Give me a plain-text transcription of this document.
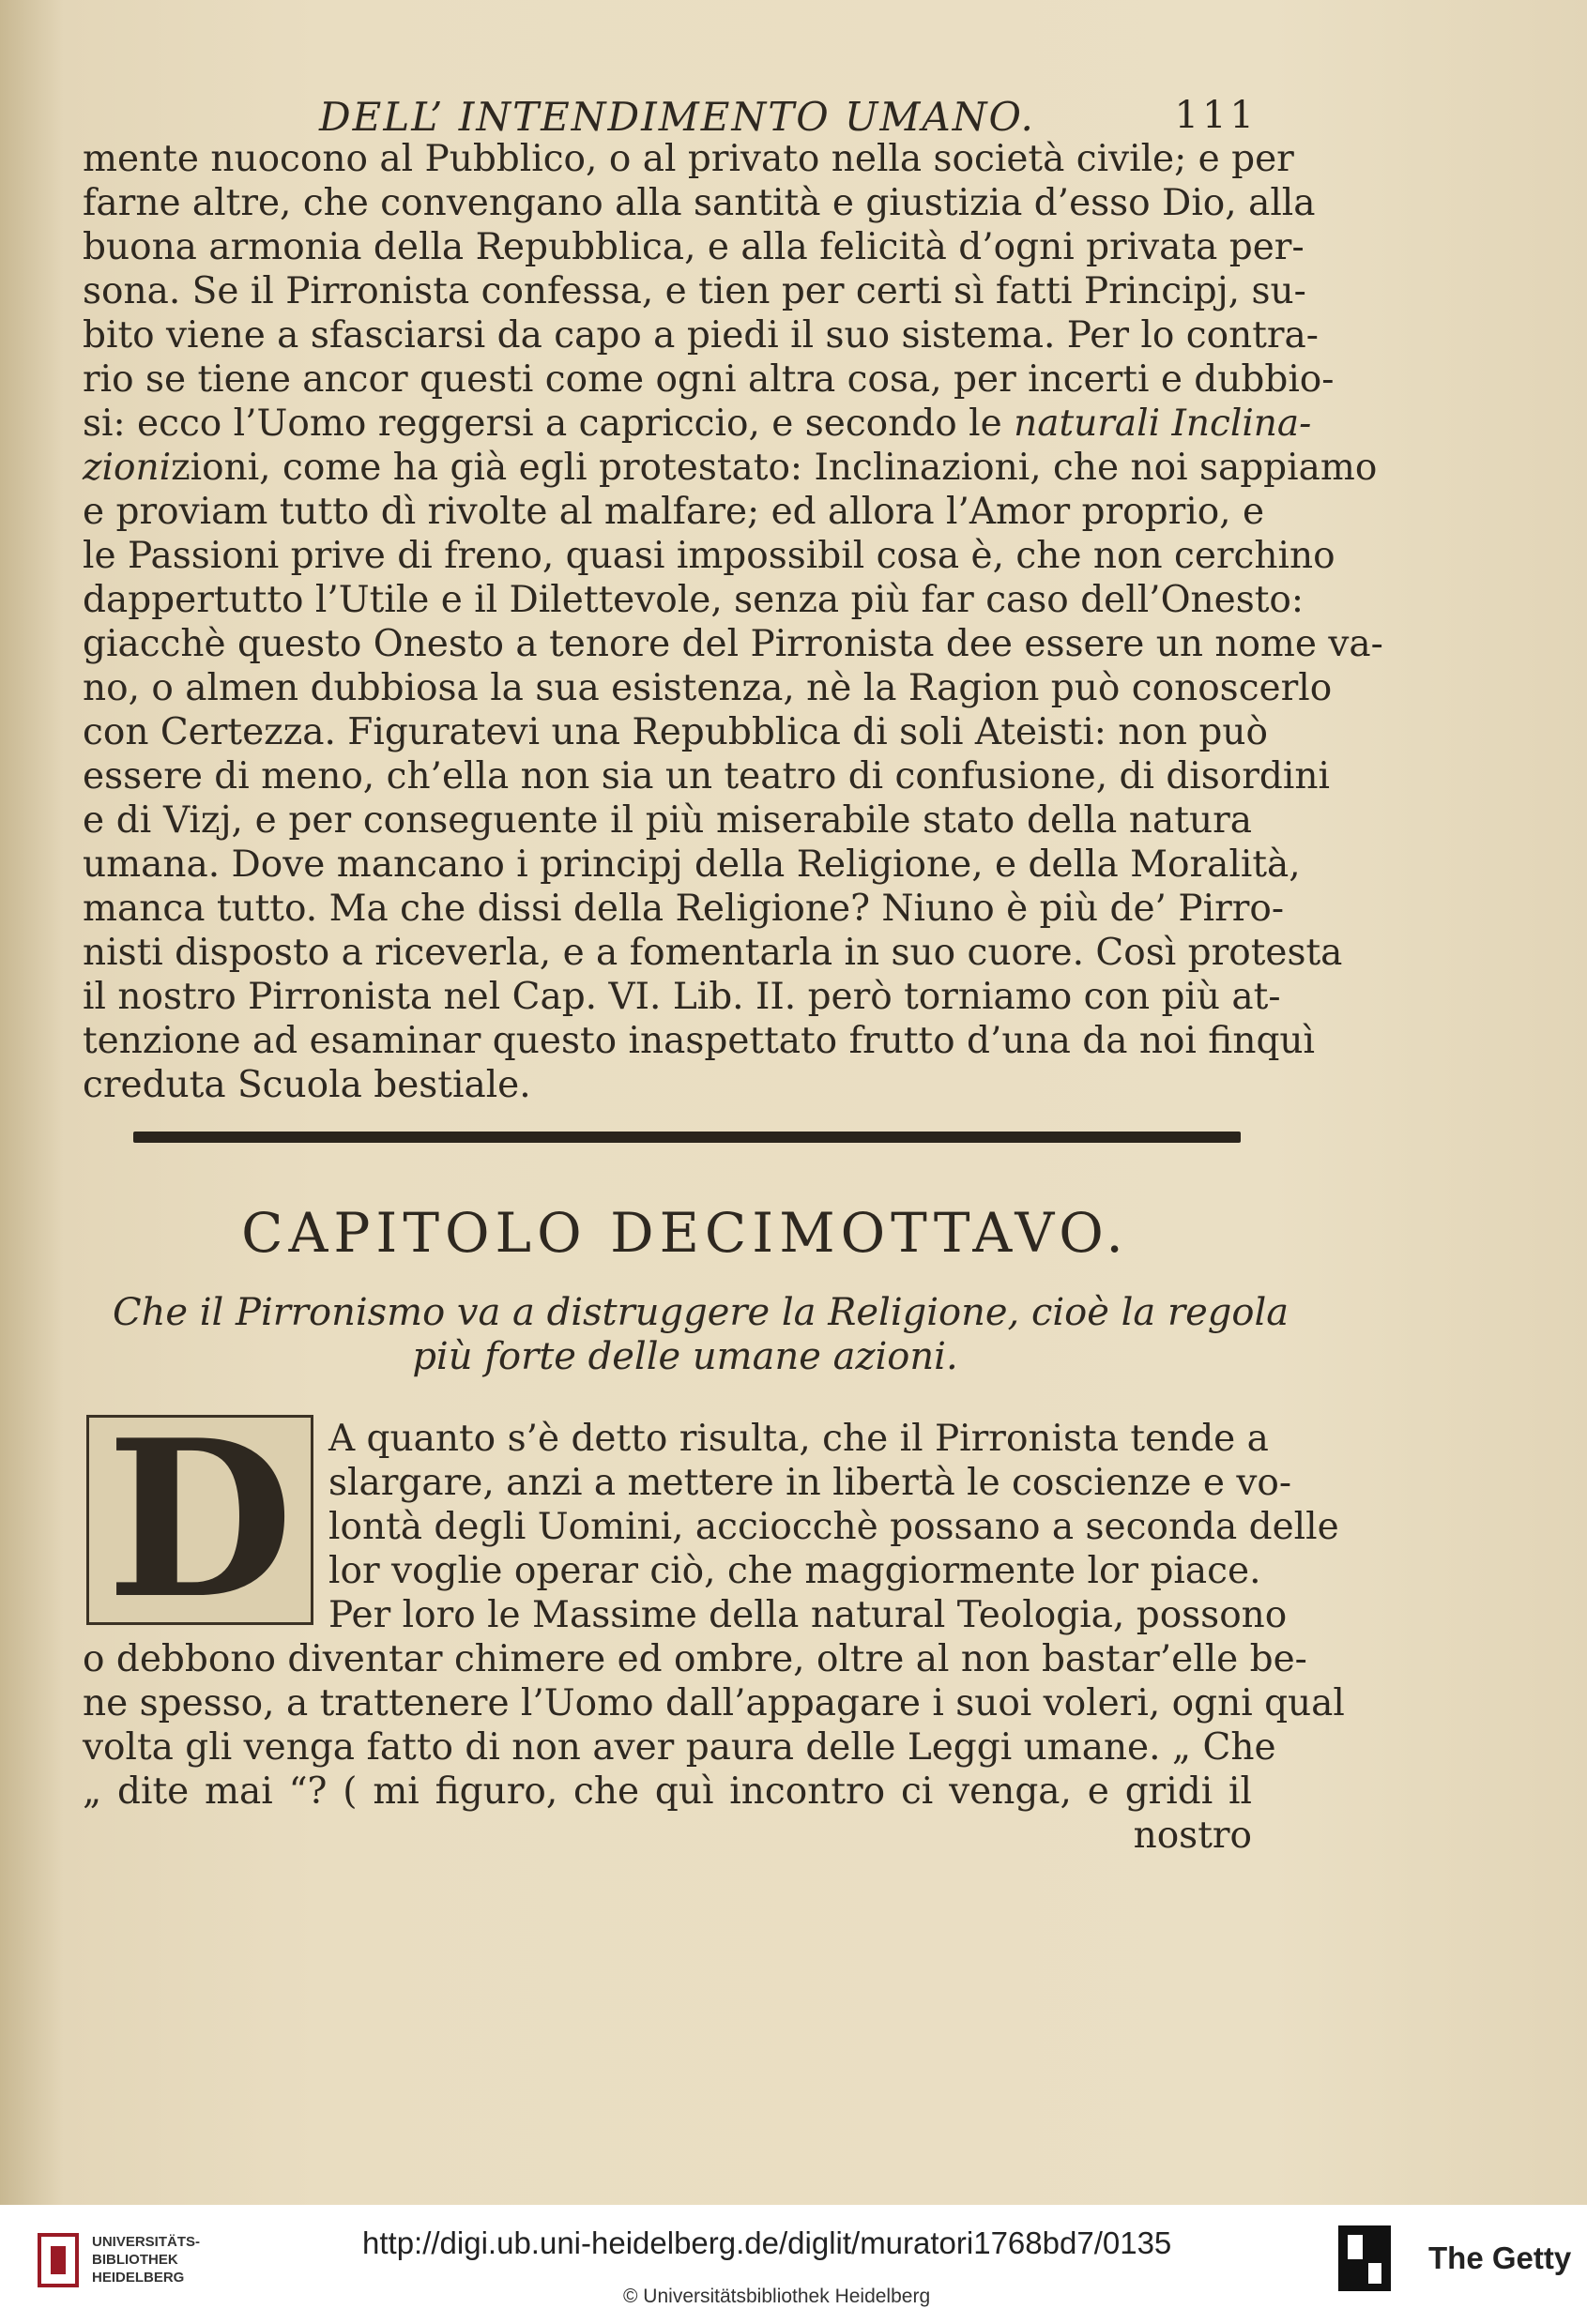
DELL’ INTENDIMENTO UMANO.	111
mente nuocono al Pubblico, o al privato nella società civile; e per
farne altre, che convengano alla santità e giustizia d’esso Dio, alla
buona armonia della Repubblica, e alla felicità d’ogni privata per-
sona. Se il Pirronista confessa, e tien per certi sì fatti Principj, su-
bito viene a sfasciarsi da capo a piedi il suo sistema. Per lo contra-
rio se tiene ancor questi come ogni altra cosa, per incerti e dubbio-
si: ecco l’Uomo reggersi a capriccio, e secondo le naturali Inclina-
zionizioni, come ha già egli protestato: Inclinazioni, che noi sappiamo
e proviam tutto dì rivolte al malfare; ed allora l’Amor proprio, e
le Passioni prive di freno, quasi impossibil cosa è, che non cerchino
dappertutto l’Utile e il Dilettevole, senza più far caso dell’Onesto:
giacchè questo Onesto a tenore del Pirronista dee essere un nome va-
no, o almen dubbiosa la sua esistenza, nè la Ragion può conoscerlo
con Certezza. Figuratevi una Repubblica di soli Ateisti: non può
essere di meno, ch’ella non sia un teatro di confusione, di disordini
e di Vizj, e per conseguente il più miserabile stato della natura
umana. Dove mancano i principj della Religione, e della Moralità,
manca tutto. Ma che dissi della Religione? Niuno è più de’ Pirro-
nisti disposto a riceverla, e a fomentarla in suo cuore. Così protesta
il nostro Pirronista nel Cap. VI. Lib. II. però torniamo con più at-
tenzione ad esaminar questo inaspettato frutto d’una da noi finquì
creduta Scuola bestiale.
CAPITOLO DECIMOTTAVO.
Che il Pirronismo va a distruggere la Religione, cioè la regola
più forte delle umane azioni.
D A quanto s’è detto risulta, che il Pirronista tende a
slargare, anzi a mettere in libertà le coscienze e vo-
lontà degli Uomini, acciocchè possano a seconda delle
lor voglie operar ciò, che maggiormente lor piace.
Per loro le Massime della natural Teologia, possono
o debbono diventar chimere ed ombre, oltre al non bastar’elle be-
ne spesso, a trattenere l’Uomo dall’appagare i suoi voleri, ogni qual
volta gli venga fatto di non aver paura delle Leggi umane. „ Che
„ dite mai “? ( mi figuro, che quì incontro ci venga, e gridi il
nostro
UNIVERSITÄTS-
BIBLIOTHEK
HEIDELBERG
http://digi.ub.uni-heidelberg.de/diglit/muratori1768bd7/0135
© Universitätsbibliothek Heidelberg
The Getty
